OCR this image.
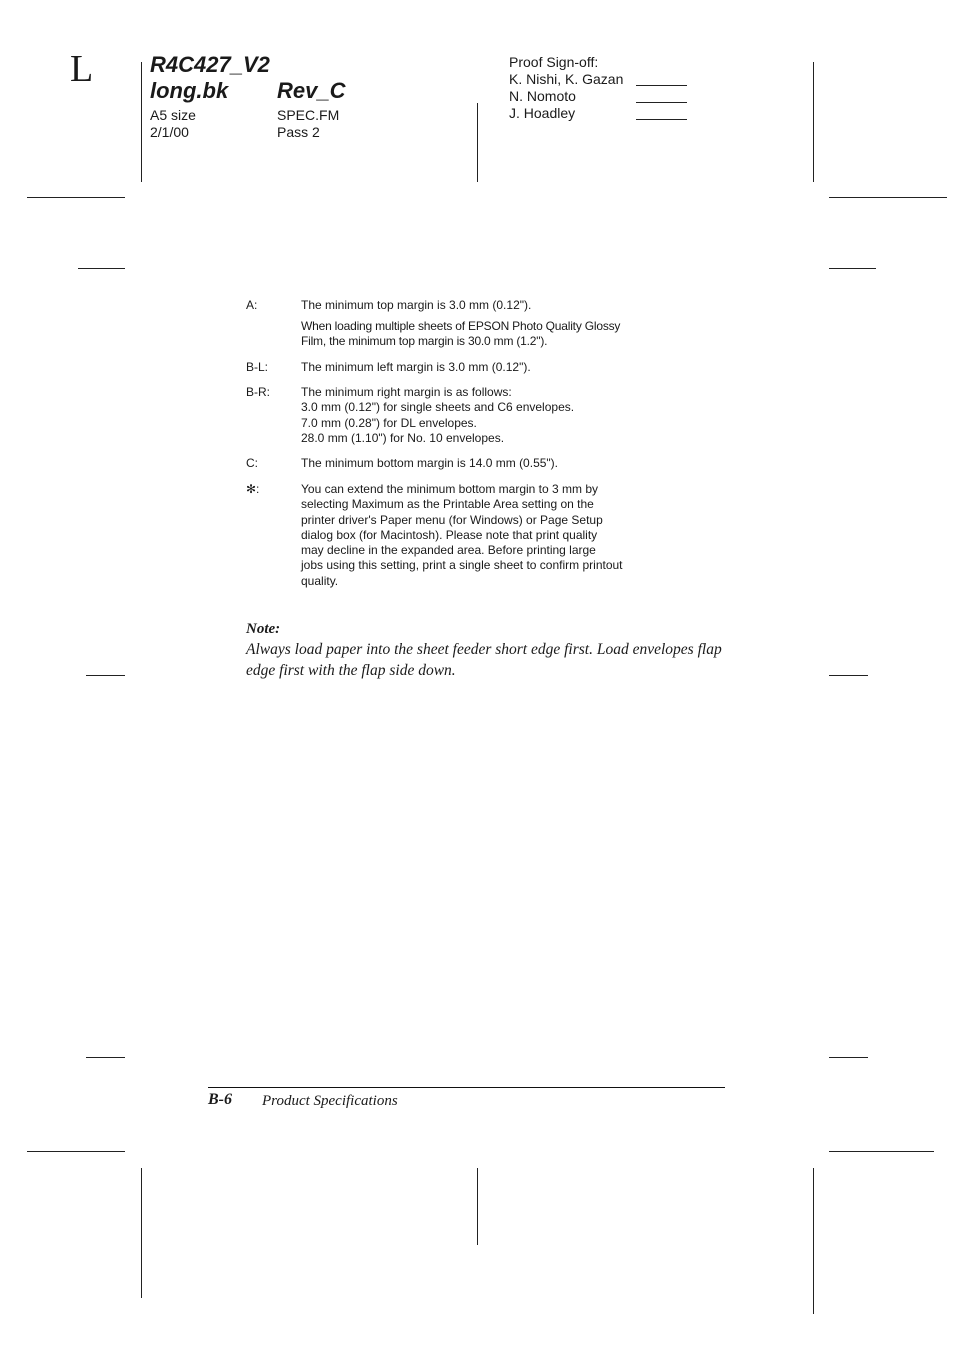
L	R4C427_V2
long.bk Rev_C
A5 size
2/1/00
SPEC.FM
Pass 2
Proof Sign-off:
K. Nishi, K. Gazan
N. Nomoto
J. Hoadley
A:	The minimum top margin is 3.0 mm (0.12").
When loading multiple sheets of EPSON Photo Quality Glossy
Film, the minimum top margin is 30.0 mm (1.2").
B-L:	The minimum left margin is 3.0 mm (0.12").
B-R:	The minimum right margin is as follows:
3.0 mm (0.12") for single sheets and C6 envelopes.
7.0 mm (0.28") for DL envelopes.
28.0 mm (1.10") for No. 10 envelopes.
C:	The minimum bottom margin is 14.0 mm (0.55").
✻:	You can extend the minimum bottom margin to 3 mm by
selecting Maximum as the Printable Area setting on the
printer driver's Paper menu (for Windows) or Page Setup
dialog box (for Macintosh). Please note that print quality
may decline in the expanded area. Before printing large
jobs using this setting, print a single sheet to confirm printout
quality.
Note:
Always load paper into the sheet feeder short edge first. Load envelopes flap edge first with the flap side down.
B-6 Product Specifications
